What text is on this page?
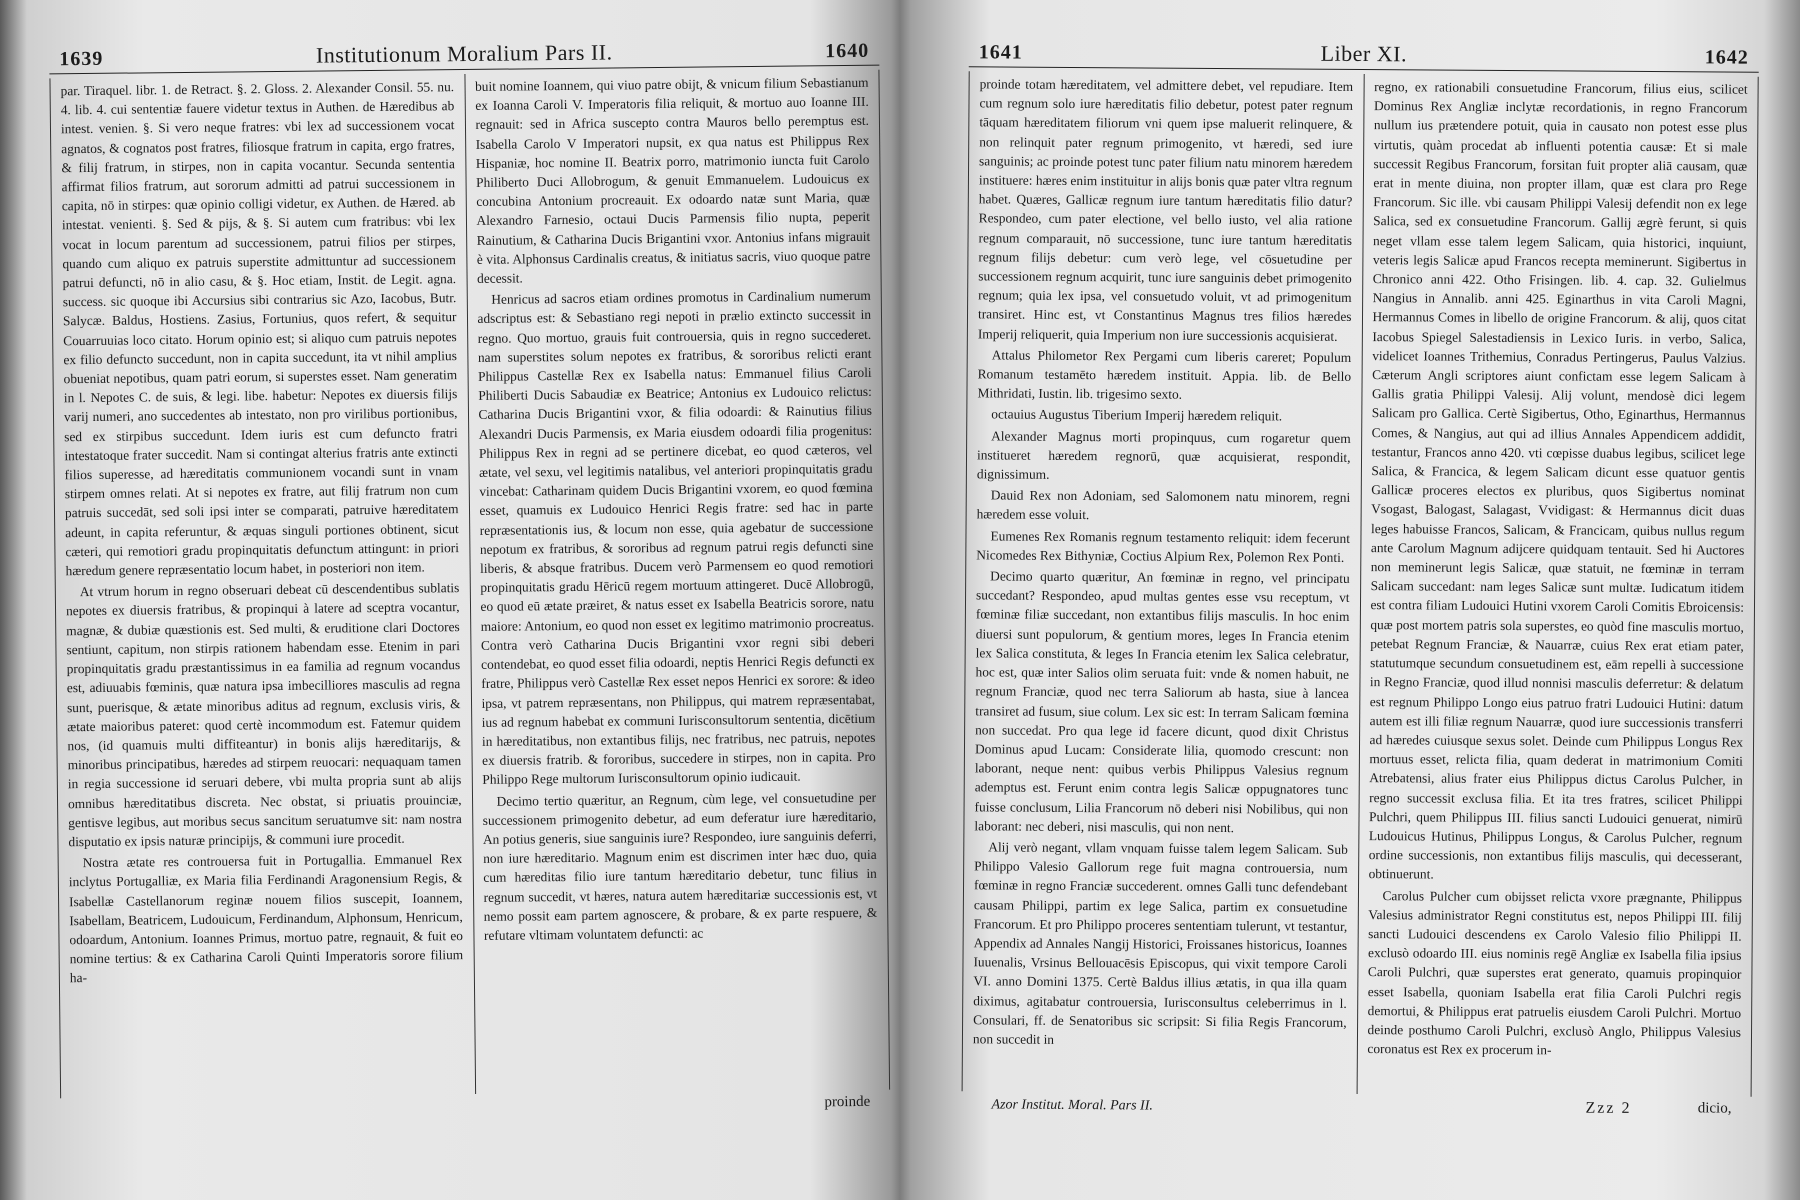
1639	Institutionum Moralium Pars II.	1640

par. Tiraquel. libr. 1. de Retract. §. 2. Gloss. 2. Alexander Consil. 55. nu. 4. lib. 4. cui sententiæ fauere videtur textus in Authen. de Hæredibus ab intest. venien. §. Si vero neque fratres: vbi lex ad successionem vocat agnatos, & cognatos post fratres, filiosque fratrum in capita, ergo fratres, & filij fratrum, in stirpes, non in capita vocantur. Secunda sententia affirmat filios fratrum, aut sororum admitti ad patrui successionem in capita, nō in stirpes: quæ opinio colligi videtur, ex Authen. de Hæred. ab intestat. venienti. §. Sed & pijs, & §. Si autem cum fratribus: vbi lex vocat in locum parentum ad successionem, patrui filios per stirpes, quando cum aliquo ex patruis superstite admittuntur ad successionem patrui defuncti, nō in alio casu, & §. Hoc etiam, Instit. de Legit. agna. success. sic quoque ibi Accursius sibi contrarius sic Azo, Iacobus, Butr. Salycæ. Baldus, Hostiens. Zasius, Fortunius, quos refert, & sequitur Couarruuias loco citato. Horum opinio est; si aliquo cum patruis nepotes ex filio defuncto succedunt, non in capita succedunt, ita vt nihil amplius obueniat nepotibus, quam patri eorum, si superstes esset. Nam generatim in l. Nepotes C. de suis, & legi. libe. habetur: Nepotes ex diuersis filijs varij numeri, ano succedentes ab intestato, non pro virilibus portionibus, sed ex stirpibus succedunt. Idem iuris est cum defuncto fratri intestatoque frater succedit. Nam si contingat alterius fratris ante extincti filios superesse, ad hæreditatis communionem vocandi sunt in vnam stirpem omnes relati. At si nepotes ex fratre, aut filij fratrum non cum patruis succedāt, sed soli ipsi inter se comparati, patruive hæreditatem adeunt, in capita referuntur, & æquas singuli portiones obtinent, sicut cæteri, qui remotiori gradu propinquitatis defunctum attingunt: in priori hæredum genere repræsentatio locum habet, in posteriori non item.

At vtrum horum in regno obseruari debeat cū descendentibus sublatis nepotes ex diuersis fratribus, & propinqui à latere ad sceptra vocantur, magnæ, & dubiæ quæstionis est. Sed multi, & eruditione clari Doctores sentiunt, capitum, non stirpis rationem habendam esse. Etenim in pari propinquitatis gradu præstantissimus in ea familia ad regnum vocandus est, adiuuabis fœminis, quæ natura ipsa imbecilliores masculis ad regna sunt, puerisque, & ætate minoribus aditus ad regnum, exclusis viris, & ætate maioribus pateret: quod certè incommodum est. Fatemur quidem nos, (id quamuis multi diffiteantur) in bonis alijs hæreditarijs, & minoribus principatibus, hæredes ad stirpem reuocari: nequaquam tamen in regia successione id seruari debere, vbi multa propria sunt ab alijs omnibus hæreditatibus discreta. Nec obstat, si priuatis prouinciæ, gentisve legibus, aut moribus secus sancitum seruatumve sit: nam nostra disputatio ex ipsis naturæ principijs, & communi iure procedit.

Nostra ætate res controuersa fuit in Portugallia. Emmanuel Rex inclytus Portugalliæ, ex Maria filia Ferdinandi Aragonensium Regis, & Isabellæ Castellanorum reginæ nouem filios suscepit, Ioannem, Isabellam, Beatricem, Ludouicum, Ferdinandum, Alphonsum, Henricum, odoardum, Antonium. Ioannes Primus, mortuo patre, regnauit, & fuit eo nomine tertius: & ex Catharina Caroli Quinti Imperatoris sorore filium ha-

buit nomine Ioannem, qui viuo patre obijt, & vnicum filium Sebastianum ex Ioanna Caroli V. Imperatoris filia reliquit, & mortuo auo Ioanne III. regnauit: sed in Africa suscepto contra Mauros bello peremptus est. Isabella Carolo V Imperatori nupsit, ex qua natus est Philippus Rex Hispaniæ, hoc nomine II. Beatrix porro, matrimonio iuncta fuit Carolo Philiberto Duci Allobrogum, & genuit Emmanuelem. Ludouicus ex concubina Antonium procreauit. Ex odoardo natæ sunt Maria, quæ Alexandro Farnesio, octaui Ducis Parmensis filio nupta, peperit Rainutium, & Catharina Ducis Brigantini vxor. Antonius infans migrauit è vita. Alphonsus Cardinalis creatus, & initiatus sacris, viuo quoque patre decessit.

Henricus ad sacros etiam ordines promotus in Cardinalium numerum adscriptus est: & Sebastiano regi nepoti in prælio extincto successit in regno. Quo mortuo, grauis fuit controuersia, quis in regno succederet. nam superstites solum nepotes ex fratribus, & sororibus relicti erant Philippus Castellæ Rex ex Isabella natus: Emmanuel filius Caroli Philiberti Ducis Sabaudiæ ex Beatrice; Antonius ex Ludouico relictus: Catharina Ducis Brigantini vxor, & filia odoardi: & Rainutius filius Alexandri Ducis Parmensis, ex Maria eiusdem odoardi filia progenitus: Philippus Rex in regni ad se pertinere dicebat, eo quod cæteros, vel ætate, vel sexu, vel legitimis natalibus, vel anteriori propinquitatis gradu vincebat: Catharinam quidem Ducis Brigantini vxorem, eo quod fœmina esset, quamuis ex Ludouico Henrici Regis fratre: sed hac in parte repræsentationis ius, & locum non esse, quia agebatur de successione nepotum ex fratribus, & sororibus ad regnum patrui regis defuncti sine liberis, & absque fratribus. Ducem verò Parmensem eo quod remotiori propinquitatis gradu Hēricū regem mortuum attingeret. Ducē Allobrogū, eo quod eū ætate præiret, & natus esset ex Isabella Beatricis sorore, natu maiore: Antonium, eo quod non esset ex legitimo matrimonio procreatus. Contra verò Catharina Ducis Brigantini vxor regni sibi deberi contendebat, eo quod esset filia odoardi, neptis Henrici Regis defuncti ex fratre, Philippus verò Castellæ Rex esset nepos Henrici ex sorore: & ideo ipsa, vt patrem repræsentans, non Philippus, qui matrem repræsentabat, ius ad regnum habebat ex communi Iurisconsultorum sententia, dicētium in hæreditatibus, non extantibus filijs, nec fratribus, nec patruis, nepotes ex diuersis fratrib. & fororibus, succedere in stirpes, non in capita. Pro Philippo Rege multorum Iurisconsultorum opinio iudicauit.

Decimo tertio quæritur, an Regnum, cùm lege, vel consuetudine per successionem primogenito debetur, ad eum deferatur iure hæreditario, An potius generis, siue sanguinis iure? Respondeo, iure sanguinis deferri, non iure hæreditario. Magnum enim est discrimen inter hæc duo, quia cum hæreditas filio iure tantum hæreditario debetur, tunc filius in regnum succedit, vt hæres, natura autem hæreditariæ successionis est, vt nemo possit eam partem agnoscere, & probare, & ex parte respuere, & refutare vltimam voluntatem defuncti: ac

proinde
1641	Liber XI.	1642

proinde totam hæreditatem, vel admittere debet, vel repudiare. Item cum regnum solo iure hæreditatis filio debetur, potest pater regnum tāquam hæreditatem filiorum vni quem ipse maluerit relinquere, & non relinquit pater regnum primogenito, vt hæredi, sed iure sanguinis; ac proinde potest tunc pater filium natu minorem hæredem instituere: hæres enim instituitur in alijs bonis quæ pater vltra regnum habet. Quæres, Gallicæ regnum iure tantum hæreditatis filio datur? Respondeo, cum pater electione, vel bello iusto, vel alia ratione regnum comparauit, nō successione, tunc iure tantum hæreditatis regnum filijs debetur: cum verò lege, vel cōsuetudine per successionem regnum acquirit, tunc iure sanguinis debet primogenito regnum; quia lex ipsa, vel consuetudo voluit, vt ad primogenitum transiret. Hinc est, vt Constantinus Magnus tres filios hæredes Imperij reliquerit, quia Imperium non iure successionis acquisierat.

Attalus Philometor Rex Pergami cum liberis careret; Populum Romanum testamēto hæredem instituit. Appia. lib. de Bello Mithridati, Iustin. lib. trigesimo sexto.

octauius Augustus Tiberium Imperij hæredem reliquit.

Alexander Magnus morti propinquus, cum rogaretur quem institueret hæredem regnorū, quæ acquisierat, respondit, dignissimum.

Dauid Rex non Adoniam, sed Salomonem natu minorem, regni hæredem esse voluit.

Eumenes Rex Romanis regnum testamento reliquit: idem fecerunt Nicomedes Rex Bithyniæ, Coctius Alpium Rex, Polemon Rex Ponti.

Decimo quarto quæritur, An fœminæ in regno, vel principatu succedant? Respondeo, apud multas gentes esse vsu receptum, vt fœminæ filiæ succedant, non extantibus filijs masculis. In hoc enim diuersi sunt populorum, & gentium mores, leges In Francia etenim lex Salica constituta, & leges In Francia etenim lex Salica celebratur, hoc est, quæ inter Salios olim seruata fuit: vnde & nomen habuit, ne regnum Franciæ, quod nec terra Saliorum ab hasta, siue à lancea transiret ad fusum, siue colum. Lex sic est: In terram Salicam fœmina non succedat. Pro qua lege id facere dicunt, quod dixit Christus Dominus apud Lucam: Considerate lilia, quomodo crescunt: non laborant, neque nent: quibus verbis Philippus Valesius regnum ademptus est. Ferunt enim contra legis Salicæ oppugnatores tunc fuisse conclusum, Lilia Francorum nō deberi nisi Nobilibus, qui non laborant: nec deberi, nisi masculis, qui non nent.

Alij verò negant, vllam vnquam fuisse talem legem Salicam. Sub Philippo Valesio Gallorum rege fuit magna controuersia, num fœminæ in regno Franciæ succederent. omnes Galli tunc defendebant causam Philippi, partim ex lege Salica, partim ex consuetudine Francorum. Et pro Philippo proceres sententiam tulerunt, vt testantur, Appendix ad Annales Nangij Historici, Froissanes historicus, Ioannes Iuuenalis, Vrsinus Bellouacēsis Episcopus, qui vixit tempore Caroli VI. anno Domini 1375. Certè Baldus illius ætatis, in qua illa quam diximus, agitabatur controuersia, Iurisconsultus celeberrimus in l. Consulari, ff. de Senatoribus sic scripsit: Si filia Regis Francorum, non succedit in

regno, ex rationabili consuetudine Francorum, filius eius, scilicet Dominus Rex Angliæ inclytæ recordationis, in regno Francorum nullum ius prætendere potuit, quia in causato non potest esse plus virtutis, quàm procedat ab influenti potentia causæ: Et si male successit Regibus Francorum, forsitan fuit propter aliā causam, quæ erat in mente diuina, non propter illam, quæ est clara pro Rege Francorum. Sic ille. vbi causam Philippi Valesij defendit non ex lege Salica, sed ex consuetudine Francorum. Gallij ægrè ferunt, si quis neget vllam esse talem legem Salicam, quia historici, inquiunt, veteris legis Salicæ apud Francos recepta meminerunt. Sigibertus in Chronico anni 422. Otho Frisingen. lib. 4. cap. 32. Gulielmus Nangius in Annalib. anni 425. Eginarthus in vita Caroli Magni, Hermannus Comes in libello de origine Francorum. & alij, quos citat Iacobus Spiegel Salestadiensis in Lexico Iuris. in verbo, Salica, videlicet Ioannes Trithemius, Conradus Pertingerus, Paulus Valzius. Cæterum Angli scriptores aiunt confictam esse legem Salicam à Gallis gratia Philippi Valesij. Alij volunt, mendosè dici legem Salicam pro Gallica. Certè Sigibertus, Otho, Eginarthus, Hermannus Comes, & Nangius, aut qui ad illius Annales Appendicem addidit, testantur, Francos anno 420. vti cœpisse duabus legibus, scilicet lege Salica, & Francica, & legem Salicam dicunt esse quatuor gentis Gallicæ proceres electos ex pluribus, quos Sigibertus nominat Vsogast, Balogast, Salagast, Vvidigast: & Hermannus dicit duas leges habuisse Francos, Salicam, & Francicam, quibus nullus regum ante Carolum Magnum adijcere quidquam tentauit. Sed hi Auctores non meminerunt legis Salicæ, quæ statuit, ne fœminæ in terram Salicam succedant: nam leges Salicæ sunt multæ. Iudicatum itidem est contra filiam Ludouici Hutini vxorem Caroli Comitis Ebroicensis: quæ post mortem patris sola superstes, eo quòd fine masculis mortuo, petebat Regnum Franciæ, & Nauarræ, cuius Rex erat etiam pater, statutumque secundum consuetudinem est, eām repelli à successione in Regno Franciæ, quod illud nonnisi masculis deferretur: & delatum est regnum Philippo Longo eius patruo fratri Ludouici Hutini: datum autem est illi filiæ regnum Nauarræ, quod iure successionis transferri ad hæredes cuiusque sexus solet. Deinde cum Philippus Longus Rex mortuus esset, relicta filia, quam dederat in matrimonium Comiti Atrebatensi, alius frater eius Philippus dictus Carolus Pulcher, in regno successit exclusa filia. Et ita tres fratres, scilicet Philippi Pulchri, quem Philippus III. filius sancti Ludouici genuerat, nimirū Ludouicus Hutinus, Philippus Longus, & Carolus Pulcher, regnum ordine successionis, non extantibus filijs masculis, qui decesserant, obtinuerunt.

Carolus Pulcher cum obijsset relicta vxore prægnante, Philippus Valesius administrator Regni constitutus est, nepos Philippi III. filij sancti Ludouici descendens ex Carolo Valesio filio Philippi II. exclusò odoardo III. eius nominis regē Angliæ ex Isabella filia ipsius Caroli Pulchri, quæ superstes erat generato, quamuis propinquior esset Isabella, quoniam Isabella erat filia Caroli Pulchri regis demortui, & Philippus erat patruelis eiusdem Caroli Pulchri. Mortuo deinde posthumo Caroli Pulchri, exclusò Anglo, Philippus Valesius coronatus est Rex ex procerum in-

Azor Institut. Moral. Pars II.	Zzz 2	dicio,
